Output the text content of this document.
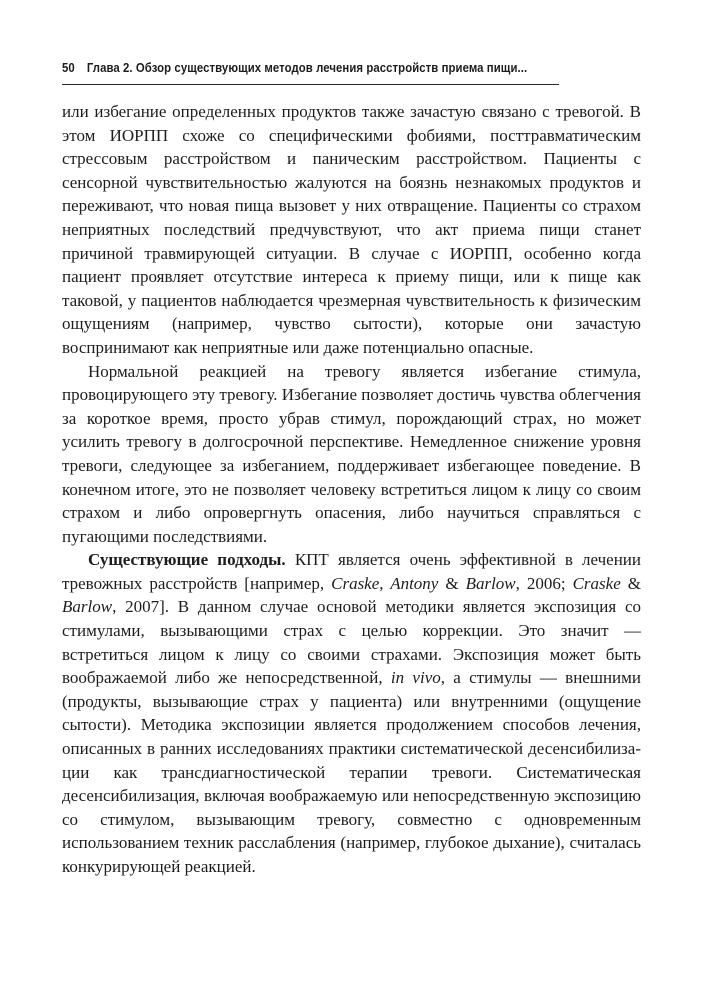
50 Глава 2. Обзор существующих методов лечения расстройств приема пищи...

или избегание определенных продуктов также зачастую связано с тревогой. В этом ИОРПП схоже со специфическими фобиями, посттравматическим стрессовым расстройством и паническим расстройством. Пациенты с сенсорной чувствительностью жалуются на боязнь незнакомых продуктов и переживают, что новая пища вызовет у них отвращение. Пациенты со страхом неприятных последствий предчувствуют, что акт приема пищи станет причиной травмирующей ситуации. В случае с ИОРПП, особенно когда пациент проявляет отсутствие интереса к приему пищи, или к пище как таковой, у пациентов наблюдается чрезмерная чувствительность к физическим ощущениям (например, чувство сытости), которые они зачастую воспринимают как неприятные или даже потенциально опасные.

Нормальной реакцией на тревогу является избегание стимула, провоцирующего эту тревогу. Избегание позволяет достичь чувства облегчения за короткое время, просто убрав стимул, порождающий страх, но может усилить тревогу в долгосрочной перспективе. Немедленное снижение уровня тревоги, следующее за избеганием, поддерживает избегающее поведение. В конечном итоге, это не позволяет человеку встретиться лицом к лицу со своим страхом и либо опровергнуть опасения, либо научиться справляться с пугающими последствиями.

Существующие подходы. КПТ является очень эффективной в лечении тревожных расстройств [например, Craske, Antony & Barlow, 2006; Craske & Barlow, 2007]. В данном случае основой методики является экспозиция со стимулами, вызывающими страх с целью коррекции. Это значит — встретиться лицом к лицу со своими страхами. Экспозиция может быть воображаемой либо же непосредственной, in vivo, а стимулы — внешними (продукты, вызывающие страх у пациента) или внутренними (ощущение сытости). Методика экспозиции является продолжением способов лечения, описанных в ранних исследованиях практики систематической десенсибилизации как трансдиагностической терапии тревоги. Систематическая десенсибилизация, включая воображаемую или непосредственную экспозицию со стимулом, вызывающим тревогу, совместно с одновременным использованием техник расслабления (например, глубокое дыхание), считалась конкурирующей реакцией.
